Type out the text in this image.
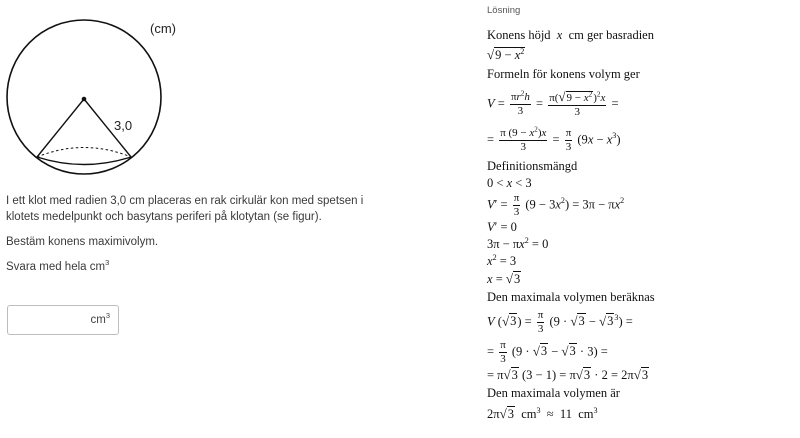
(cm)
3,0

I ett klot med radien 3,0 cm placeras en rak cirkulär kon med spetsen i klotets medelpunkt och basytans periferi på klotytan (se figur).

Bestäm konens maximivolym.

Svara med hela $cm^3$

$cm^3$
Lösning
Konens höjd  x  cm ger basradien
$√9 - x^2$
Formeln för konens volym ger
$V = \frac{\pi r^2h}{3} = \frac{\pi(√9 - x^2)^2x}{3}$ =
= $\frac{\pi (9 - x^2)x}{3} = \frac{\pi}{3} (9x - x^3)$
Definitionsmängd
0 < x < 3
$V' = \frac{\pi}{3} (9 - 3x^2) = 3\pi - \pi x^2$
V′ = 0
$3\pi - \pi x^2 = 0$
$x^2 = 3$
x = √3
Den maximala volymen beräknas
V $(√3) = \frac{\pi}{3} (9 \cdot √3 - √3^3)$ =
= $\frac{\pi}{3} (9 \cdot √3 - √3 \cdot 3)$ =
= π√3 (3 − 1) = π√3 · 2 = 2π√3
Den maximala volymen är
2π√3  $cm^3 \approx 11$  $cm^3$
